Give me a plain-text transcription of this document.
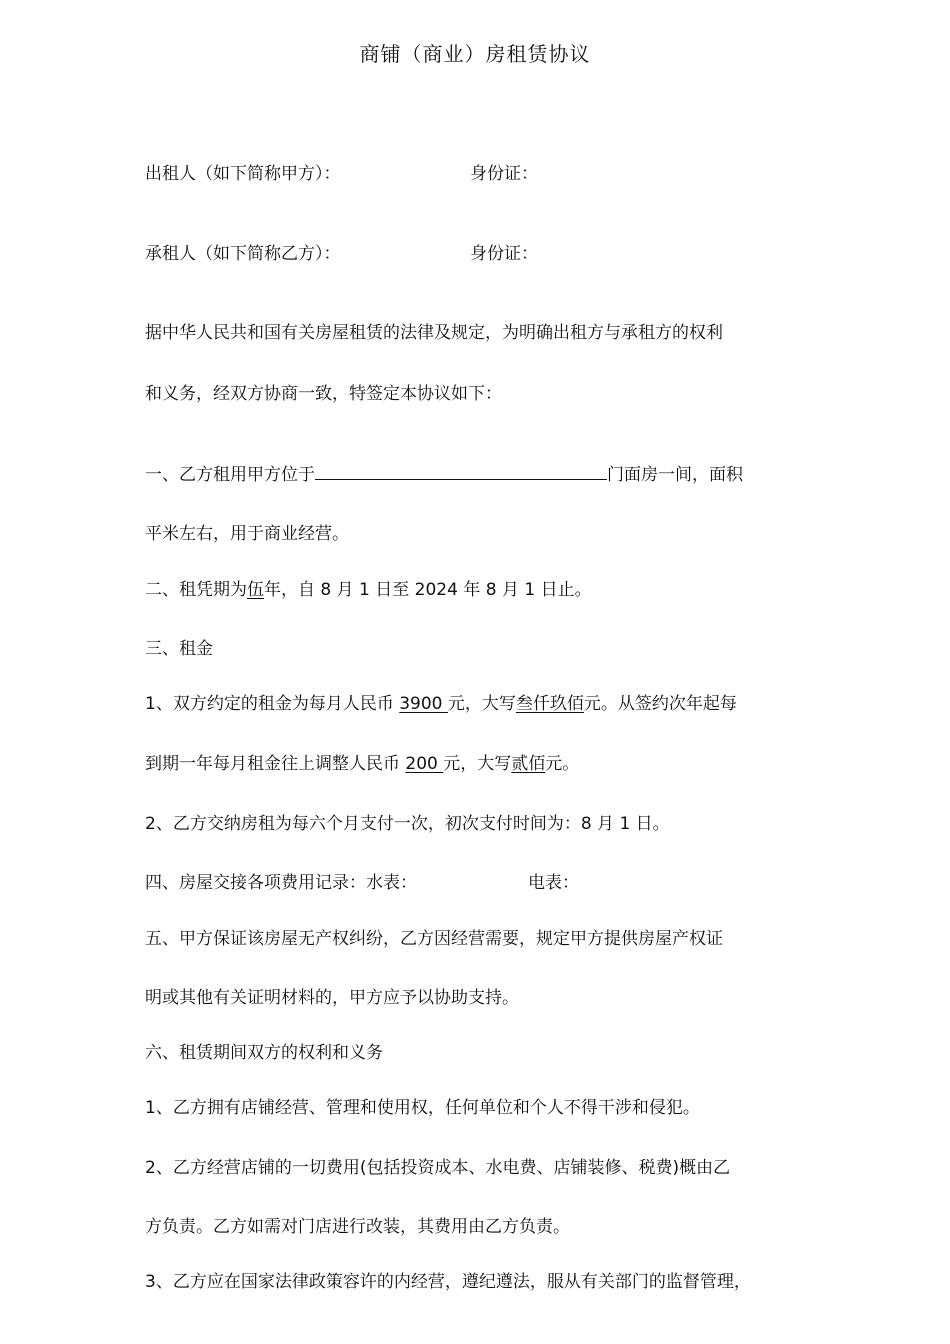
商铺（商业）房租赁协议
出租人（如下简称甲方）：	身份证：
承租人（如下简称乙方）：	身份证：
据中华人民共和国有关房屋租赁的法律及规定，为明确出租方与承租方的权利
和义务，经双方协商一致，特签定本协议如下：
一、乙方租用甲方位于	门面房一间，面积
平米左右，用于商业经营。
二、租凭期为伍年，自 8 月 1 日至 2024 年 8 月 1 日止。
三、租金
1、双方约定的租金为每月人民币 3900 元，大写叁仟玖佰元。从签约次年起每
到期一年每月租金往上调整人民币 200 元，大写贰佰元。
2、乙方交纳房租为每六个月支付一次，初次支付时间为：8 月 1 日。
四、房屋交接各项费用记录：水表：	电表：
五、甲方保证该房屋无产权纠纷，乙方因经营需要，规定甲方提供房屋产权证
明或其他有关证明材料的，甲方应予以协助支持。
六、租赁期间双方的权利和义务
1、乙方拥有店铺经营、管理和使用权，任何单位和个人不得干涉和侵犯。
2、乙方经营店铺的一切费用(包括投资成本、水电费、店铺装修、税费)概由乙
方负责。乙方如需对门店进行改装，其费用由乙方负责。
3、乙方应在国家法律政策容许的内经营，遵纪遵法，服从有关部门的监督管理，
